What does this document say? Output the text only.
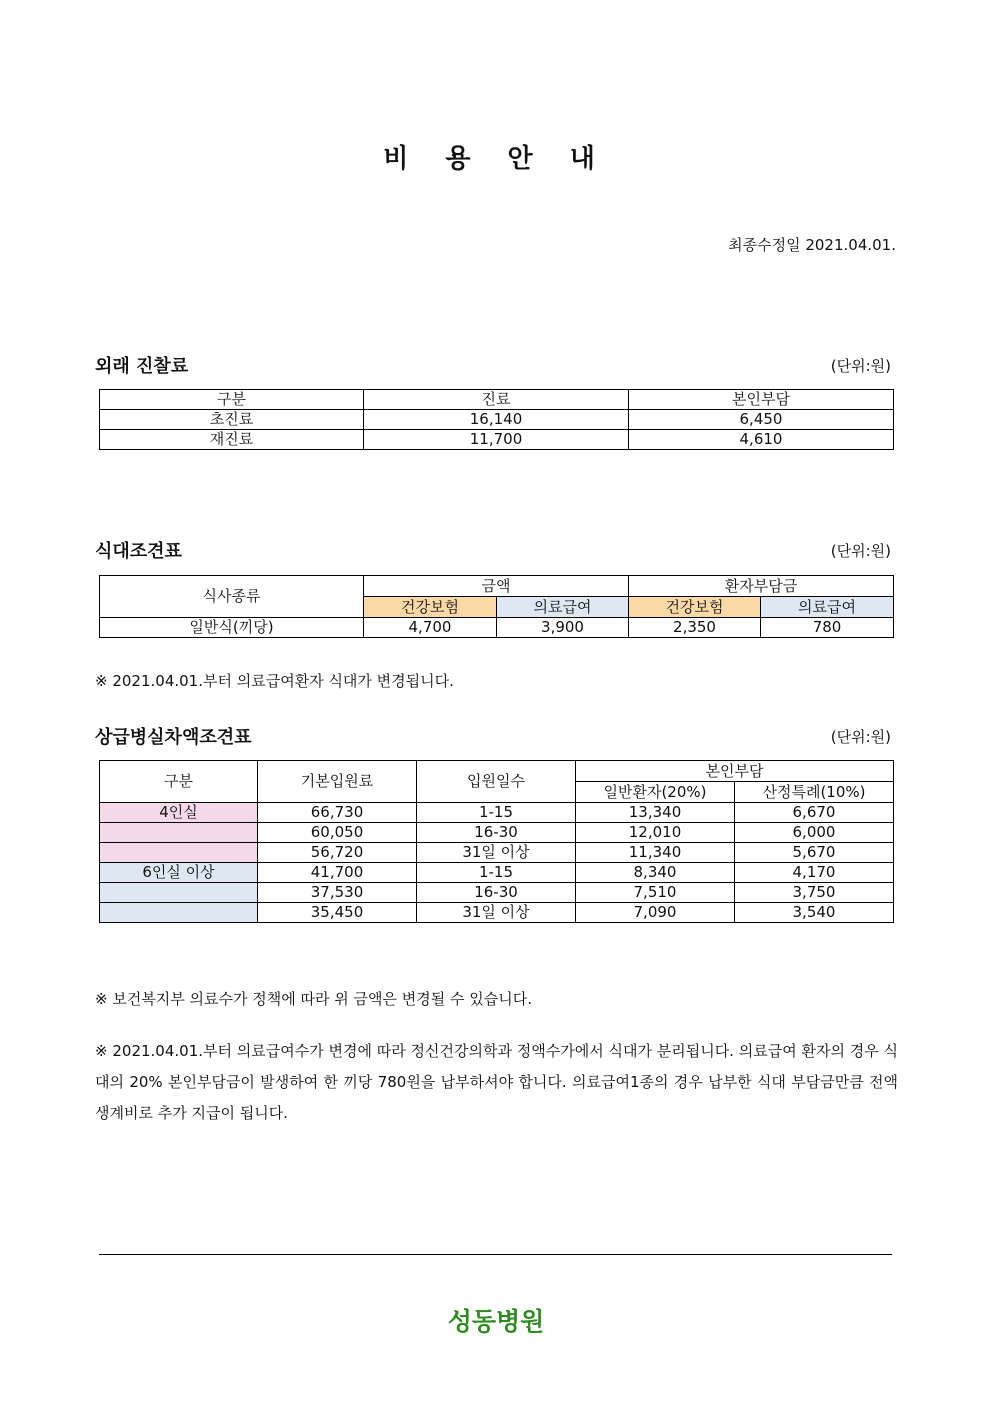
비 용 안 내
최종수정일 2021.04.01.
외래 진찰료	(단위:원)
구분	진료	본인부담
초진료	16,140	6,450
재진료	11,700	4,610
식대조견표	(단위:원)
식사종류	금액		환자부담금	
	건강보험	의료급여	건강보험	의료급여
일반식(끼당)	4,700	3,900	2,350	780
※ 2021.04.01.부터 의료급여환자 식대가 변경됩니다.
상급병실차액조견표	(단위:원)
구분	기본입원료	입원일수	본인부담	
			일반환자(20%)	산정특례(10%)
4인실	66,730	1-15	13,340	6,670
	60,050	16-30	12,010	6,000
	56,720	31일 이상	11,340	5,670
6인실 이상	41,700	1-15	8,340	4,170
	37,530	16-30	7,510	3,750
	35,450	31일 이상	7,090	3,540
※ 보건복지부 의료수가 정책에 따라 위 금액은 변경될 수 있습니다.
※ 2021.04.01.부터 의료급여수가 변경에 따라 정신건강의학과 정액수가에서 식대가 분리됩니다. 의료급여 환자의 경우 식대의 20% 본인부담금이 발생하여 한 끼당 780원을 납부하셔야 합니다. 의료급여1종의 경우 납부한 식대 부담금만큼 전액 생계비로 추가 지급이 됩니다.
성동병원
